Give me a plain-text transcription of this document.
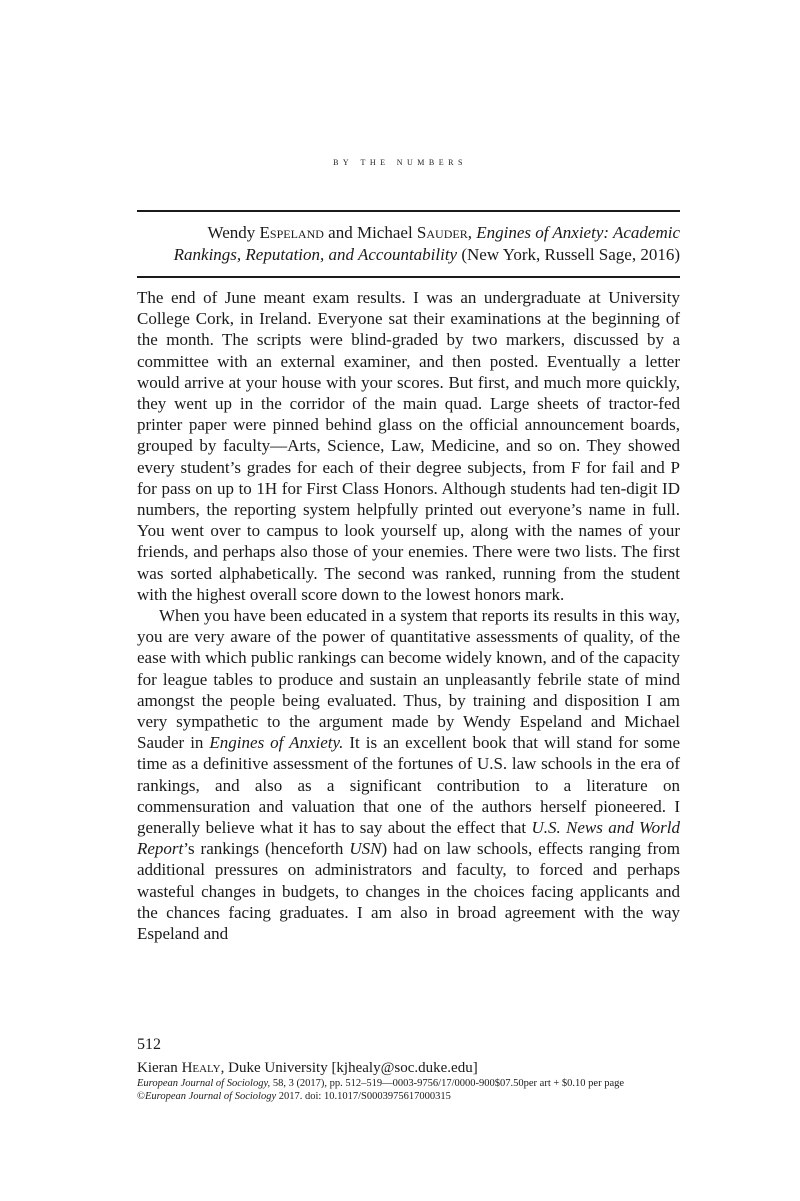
by the numbers
Wendy Espeland and Michael Sauder, Engines of Anxiety: Academic Rankings, Reputation, and Accountability (New York, Russell Sage, 2016)

The end of June meant exam results. I was an undergraduate at University College Cork, in Ireland. Everyone sat their examinations at the beginning of the month. The scripts were blind-graded by two markers, discussed by a committee with an external examiner, and then posted. Eventually a letter would arrive at your house with your scores. But first, and much more quickly, they went up in the corridor of the main quad. Large sheets of tractor-fed printer paper were pinned behind glass on the official announcement boards, grouped by faculty—Arts, Science, Law, Medicine, and so on. They showed every student’s grades for each of their degree subjects, from F for fail and P for pass on up to 1H for First Class Honors. Although students had ten-digit ID numbers, the reporting system helpfully printed out everyone’s name in full. You went over to campus to look yourself up, along with the names of your friends, and perhaps also those of your enemies. There were two lists. The first was sorted alphabetically. The second was ranked, running from the student with the highest overall score down to the lowest honors mark.

When you have been educated in a system that reports its results in this way, you are very aware of the power of quantitative assessments of quality, of the ease with which public rankings can become widely known, and of the capacity for league tables to produce and sustain an unpleasantly febrile state of mind amongst the people being evaluated. Thus, by training and disposition I am very sympathetic to the argument made by Wendy Espeland and Michael Sauder in Engines of Anxiety. It is an excellent book that will stand for some time as a definitive assessment of the fortunes of U.S. law schools in the era of rankings, and also as a significant contribution to a literature on commensuration and valuation that one of the authors herself pioneered. I generally believe what it has to say about the effect that U.S. News and World Report’s rankings (henceforth USN) had on law schools, effects ranging from additional pressures on administrators and faculty, to forced and perhaps wasteful changes in budgets, to changes in the choices facing applicants and the chances facing graduates. I am also in broad agreement with the way Espeland and

512
Kieran Healy, Duke University [kjhealy@soc.duke.edu]
European Journal of Sociology, 58, 3 (2017), pp. 512–519—0003-9756/17/0000-900$07.50per art + $0.10 per page
©European Journal of Sociology 2017. doi: 10.1017/S0003975617000315
